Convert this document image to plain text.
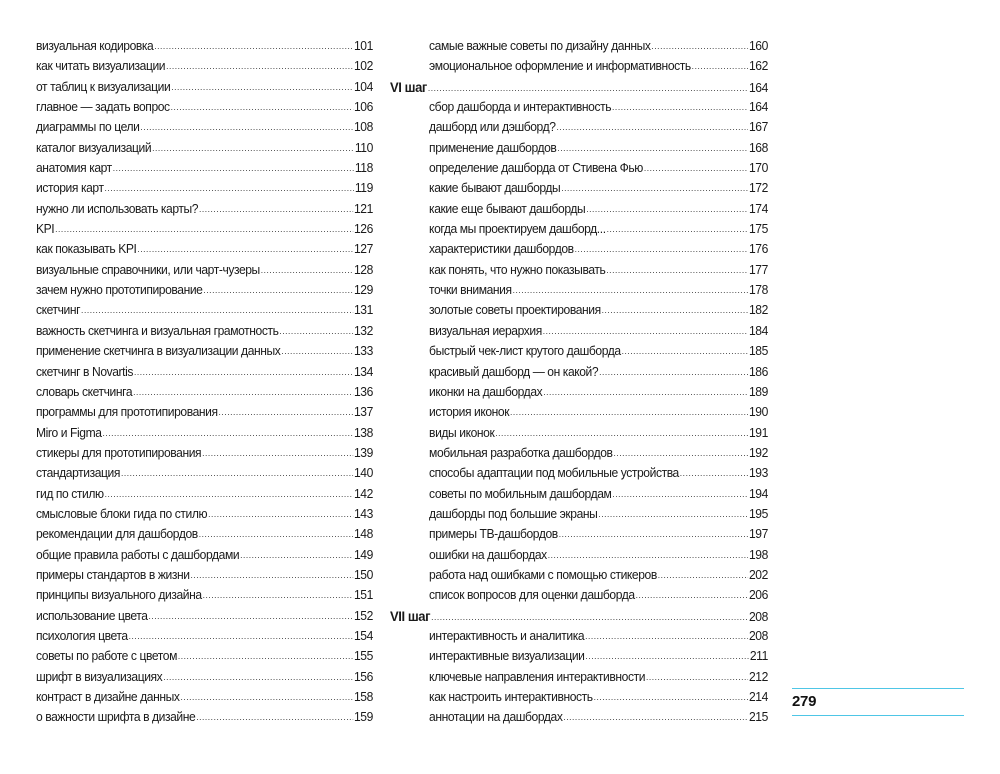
визуальная кодировка .....	101
как читать визуализации .....	102
от таблиц к визуализации .....	104
главное — задать вопрос .....	106
диаграммы по цели .....	108
каталог визуализаций .....	110
анатомия карт .....	118
история карт .....	119
нужно ли использовать карты? .....	121
KPI .....	126
как показывать KPI .....	127
визуальные справочники, или чарт-чузеры .....	128
зачем нужно прототипирование .....	129
скетчинг .....	131
важность скетчинга и визуальная грамотность .....	132
применение скетчинга в визуализации данных .....	133
скетчинг в Novartis .....	134
словарь скетчинга .....	136
программы для прототипирования .....	137
Miro и Figma .....	138
стикеры для прототипирования .....	139
стандартизация .....	140
гид по стилю .....	142
смысловые блоки гида по стилю .....	143
рекомендации для дашбордов .....	148
общие правила работы с дашбордами .....	149
примеры стандартов в жизни .....	150
принципы визуального дизайна .....	151
использование цвета .....	152
психология цвета .....	154
советы по работе с цветом .....	155
шрифт в визуализациях .....	156
контраст в дизайне данных .....	158
о важности шрифта в дизайне .....	159
самые важные советы по дизайну данных .....	160
эмоциональное оформление и информативность .....	162
VI шаг .....	164
сбор дашборда и интерактивность .....	164
дашборд или дэшборд? .....	167
применение дашбордов .....	168
определение дашборда от Стивена Фью .....	170
какие бывают дашборды .....	172
какие еще бывают дашборды .....	174
когда мы проектируем дашборд... .....	175
характеристики дашбордов .....	176
как понять, что нужно показывать .....	177
точки внимания .....	178
золотые советы проектирования .....	182
визуальная иерархия .....	184
быстрый чек-лист крутого дашборда .....	185
красивый дашборд — он какой? .....	186
иконки на дашбордах .....	189
история иконок .....	190
виды иконок .....	191
мобильная разработка дашбордов .....	192
способы адаптации под мобильные устройства .....	193
советы по мобильным дашбордам .....	194
дашборды под большие экраны .....	195
примеры ТВ-дашбордов .....	197
ошибки на дашбордах .....	198
работа над ошибками с помощью стикеров .....	202
список вопросов для оценки дашборда .....	206
VII шаг .....	208
интерактивность и аналитика .....	208
интерактивные визуализации .....	211
ключевые направления интерактивности .....	212
как настроить интерактивность .....	214
аннотации на дашбордах .....	215
279
